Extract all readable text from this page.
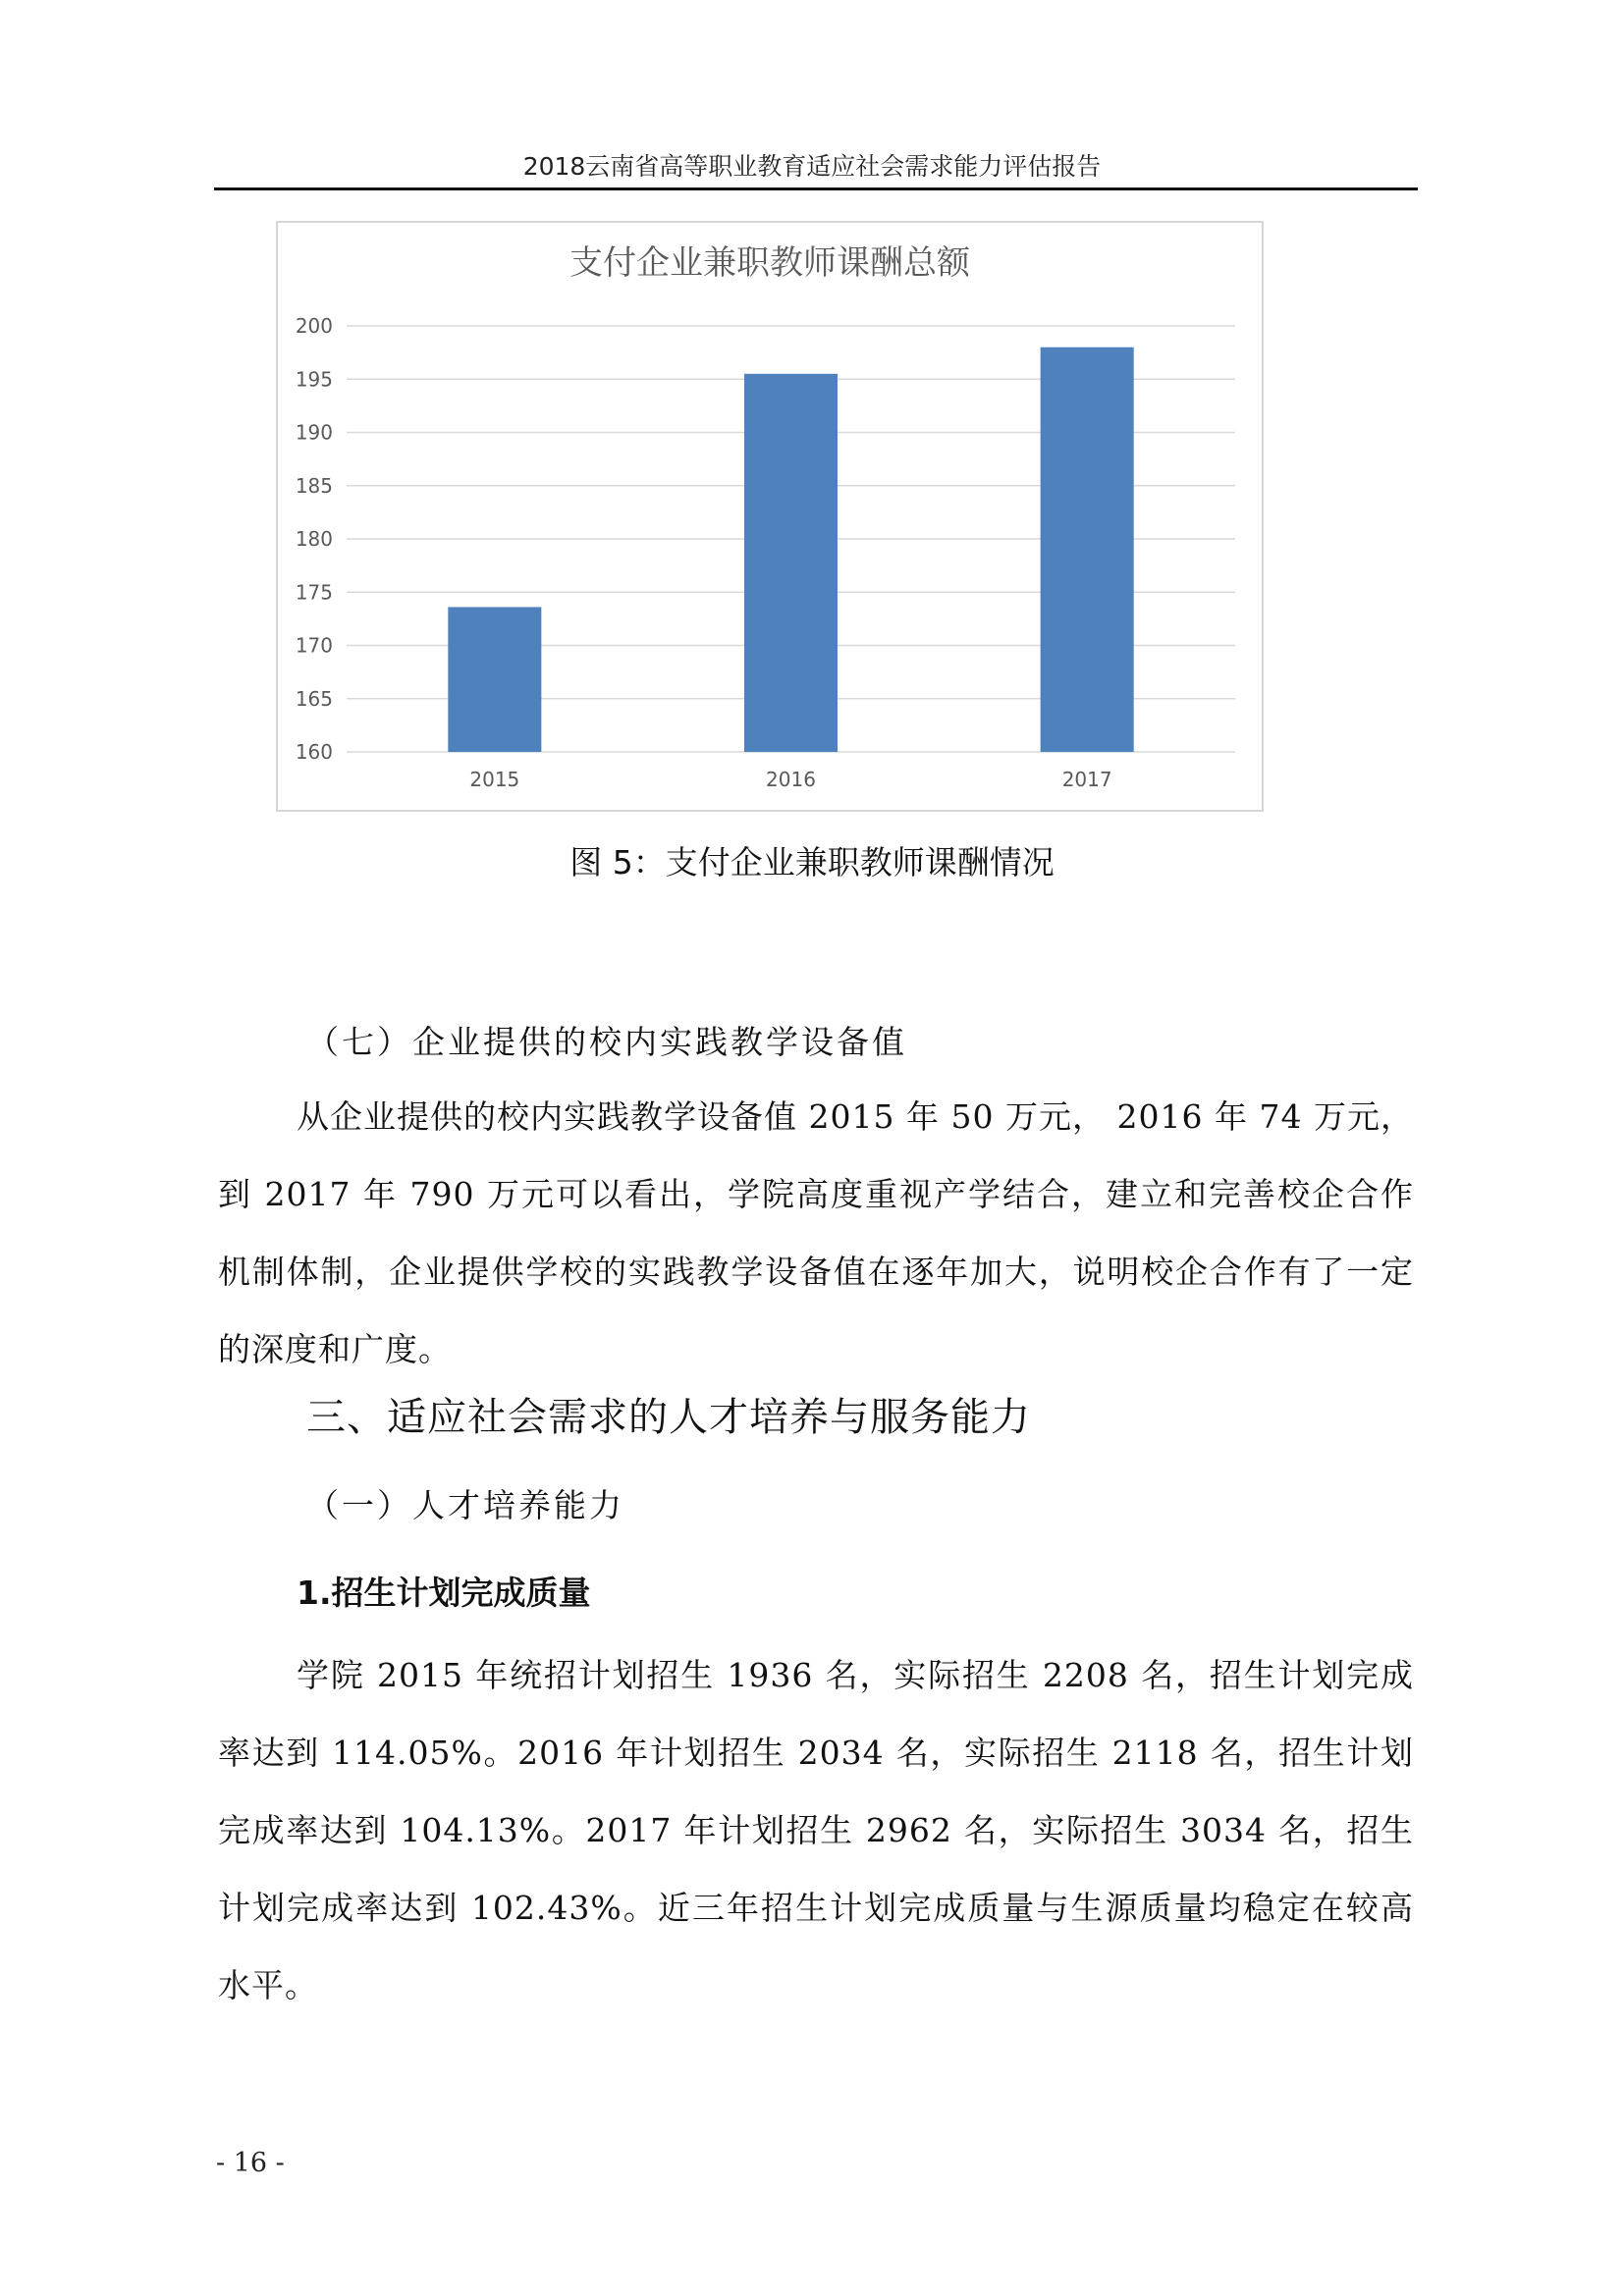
2018云南省高等职业教育适应社会需求能力评估报告
支付企业兼职教师课酬总额
160
165
170
175
180
185
190
195
200
2015	2016	2017
图 5：支付企业兼职教师课酬情况
（七）企业提供的校内实践教学设备值
从企业提供的校内实践教学设备值 2015 年 50 万元， 2016 年 74 万元，到 2017 年 790 万元可以看出，学院高度重视产学结合，建立和完善校企合作机制体制，企业提供学校的实践教学设备值在逐年加大，说明校企合作有了一定的深度和广度。
三、适应社会需求的人才培养与服务能力
（一）人才培养能力
1.招生计划完成质量
学院 2015 年统招计划招生 1936 名，实际招生 2208 名，招生计划完成率达到 114.05%。2016 年计划招生 2034 名，实际招生 2118 名，招生计划完成率达到 104.13%。2017 年计划招生 2962 名，实际招生 3034 名，招生计划完成率达到 102.43%。近三年招生计划完成质量与生源质量均稳定在较高水平。
- 16 -
